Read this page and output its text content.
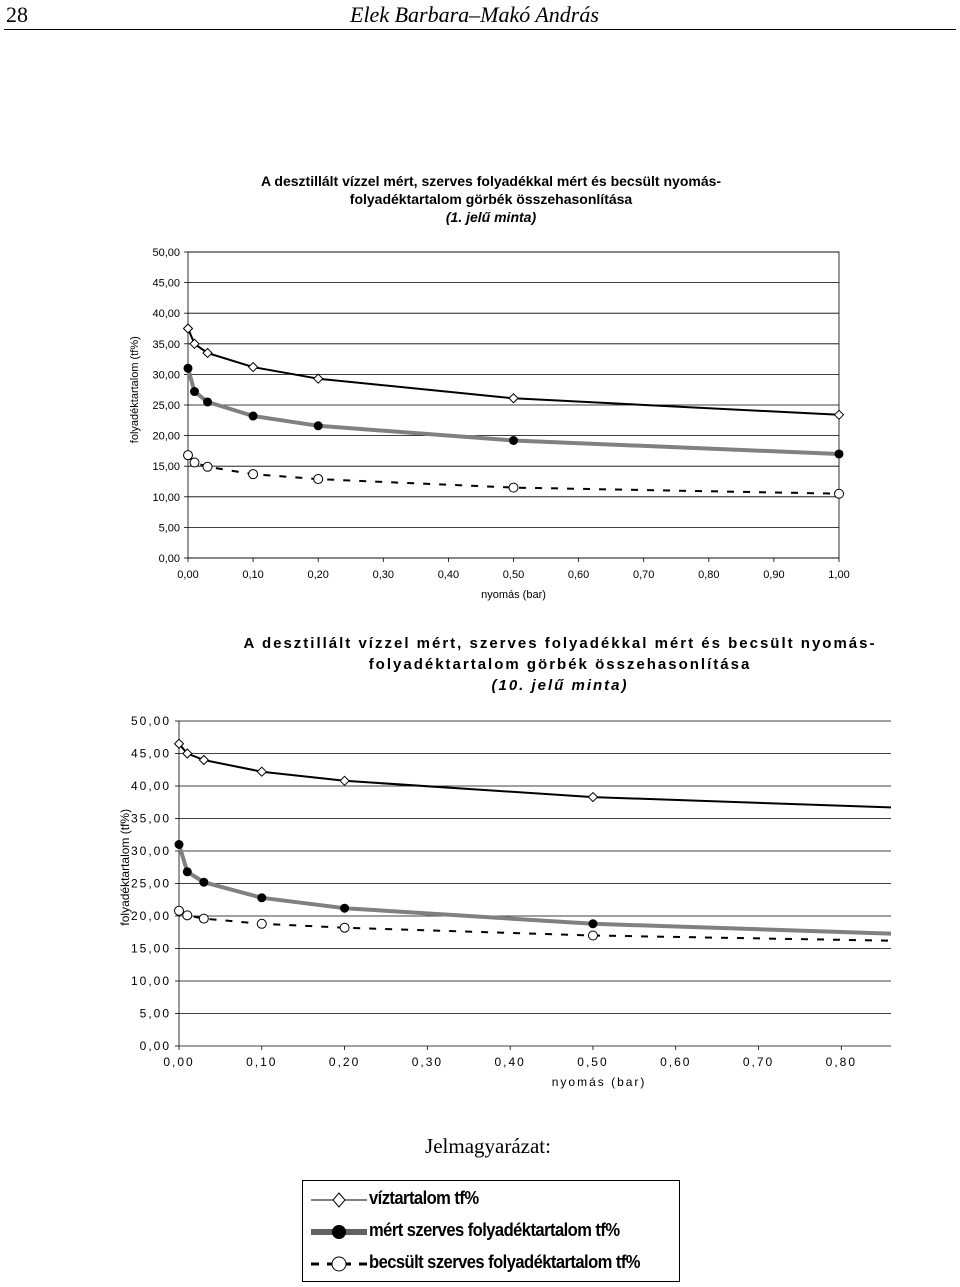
28	Elek Barbara–Makó András
A desztillált vízzel mért, szerves folyadékkal mért és becsült nyomás-
folyadéktartalom görbék összehasonlítása
(1. jelű minta)
0,00
5,00
10,00
15,00
20,00
25,00
30,00
35,00
40,00
45,00
50,00
0,00	0,10	0,20	0,30	0,40	0,50	0,60	0,70	0,80	0,90	1,00
nyomás (bar)
folyadéktartalom (tf%)
A desztillált vízzel mért, szerves folyadékkal mért és becsült nyomás-
folyadéktartalom görbék összehasonlítása
(10. jelű minta)
0,00
5,00
10,00
15,00
20,00
25,00
30,00
35,00
40,00
45,00
50,00
0,00	0,10	0,20	0,30	0,40	0,50	0,60	0,70	0,80
nyomás (bar)
folyadéktartalom (tf%)
Jelmagyarázat:
víztartalom tf%
mért szerves folyadéktartalom tf%
becsült szerves folyadéktartalom tf%
